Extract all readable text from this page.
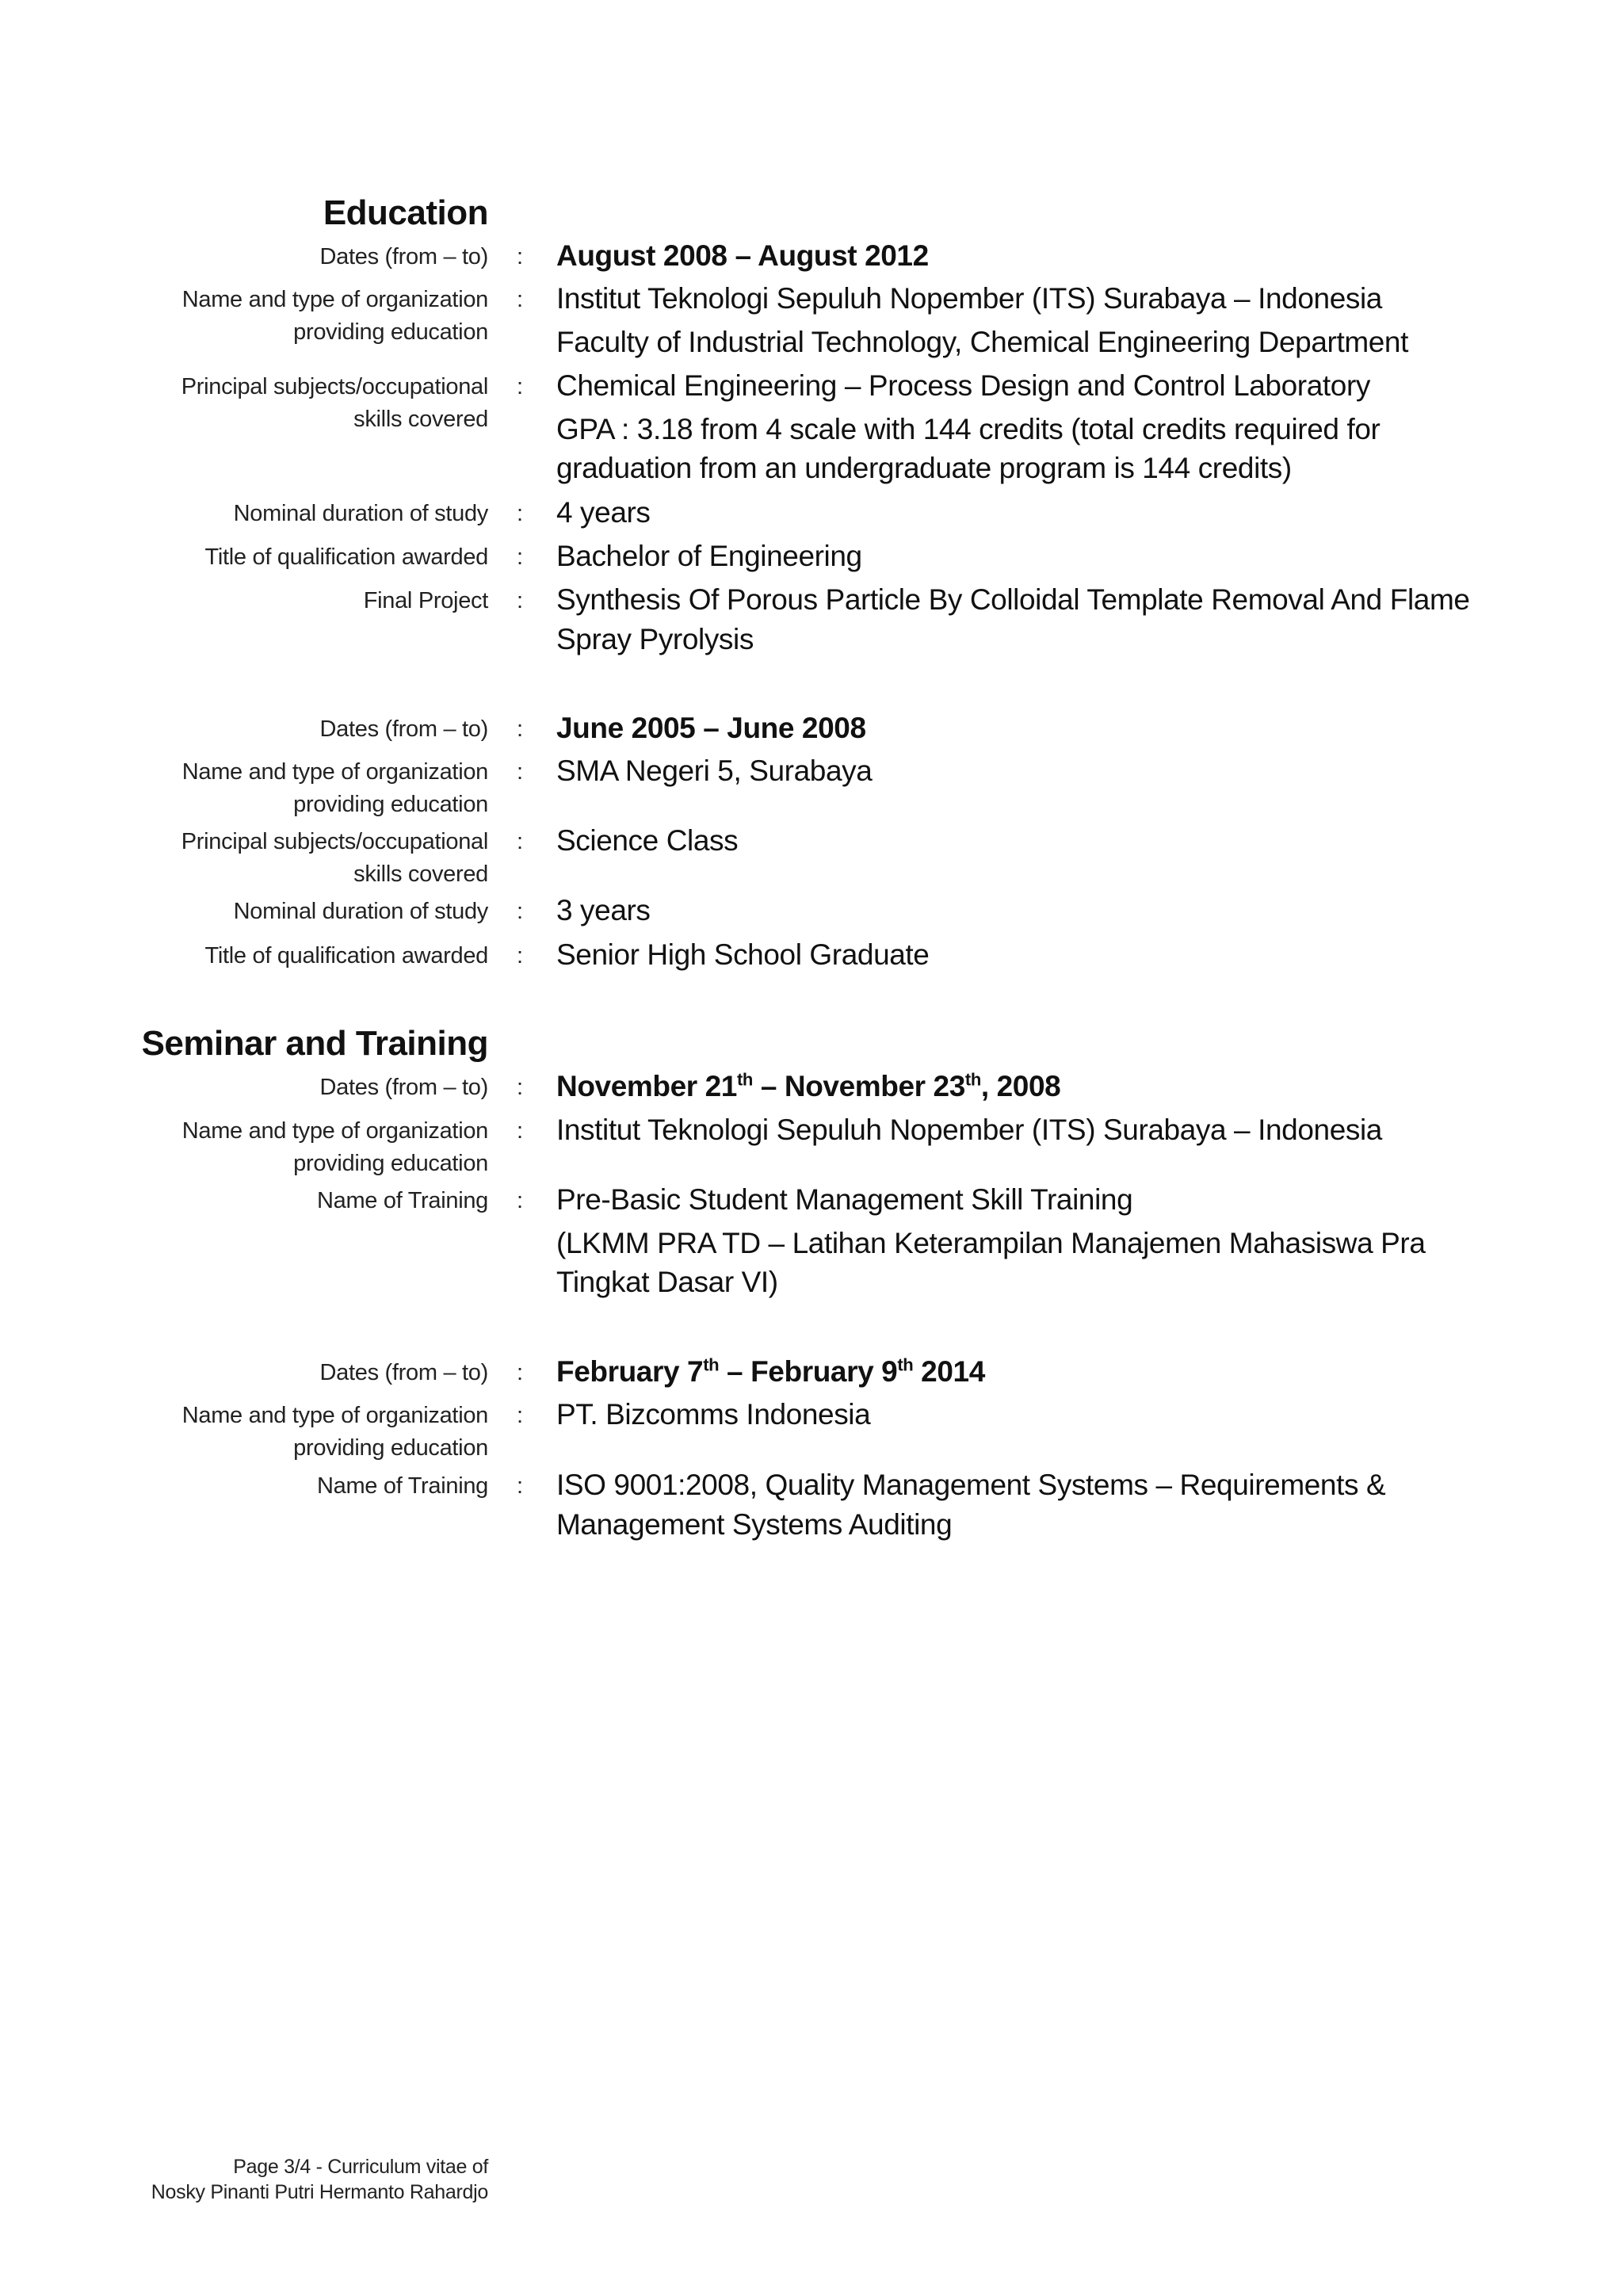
Education
Dates (from – to) : August 2008 – August 2012
Name and type of organization providing education
: Institut Teknologi Sepuluh Nopember (ITS) Surabaya – Indonesia
Faculty of Industrial Technology, Chemical Engineering Department
Principal subjects/occupational skills covered
: Chemical Engineering – Process Design and Control Laboratory
GPA : 3.18 from 4 scale with 144 credits (total credits required for graduation from an undergraduate program is 144 credits)
Nominal duration of study : 4 years
Title of qualification awarded : Bachelor of Engineering
Final Project : Synthesis Of Porous Particle By Colloidal Template Removal And Flame Spray Pyrolysis
Dates (from – to) : June 2005 – June 2008
Name and type of organization providing education
: SMA Negeri 5, Surabaya
Principal subjects/occupational skills covered
: Science Class
Nominal duration of study : 3 years
Title of qualification awarded : Senior High School Graduate
Seminar and Training
Dates (from – to) : November 21th – November 23th, 2008
Name and type of organization providing education
: Institut Teknologi Sepuluh Nopember (ITS) Surabaya – Indonesia
Name of Training : Pre-Basic Student Management Skill Training
(LKMM PRA TD – Latihan Keterampilan Manajemen Mahasiswa Pra Tingkat Dasar VI)
Dates (from – to) : February 7th – February 9th 2014
Name and type of organization providing education
: PT. Bizcomms Indonesia
Name of Training : ISO 9001:2008, Quality Management Systems – Requirements & Management Systems Auditing
Page 3/4 - Curriculum vitae of
Nosky Pinanti Putri Hermanto Rahardjo
